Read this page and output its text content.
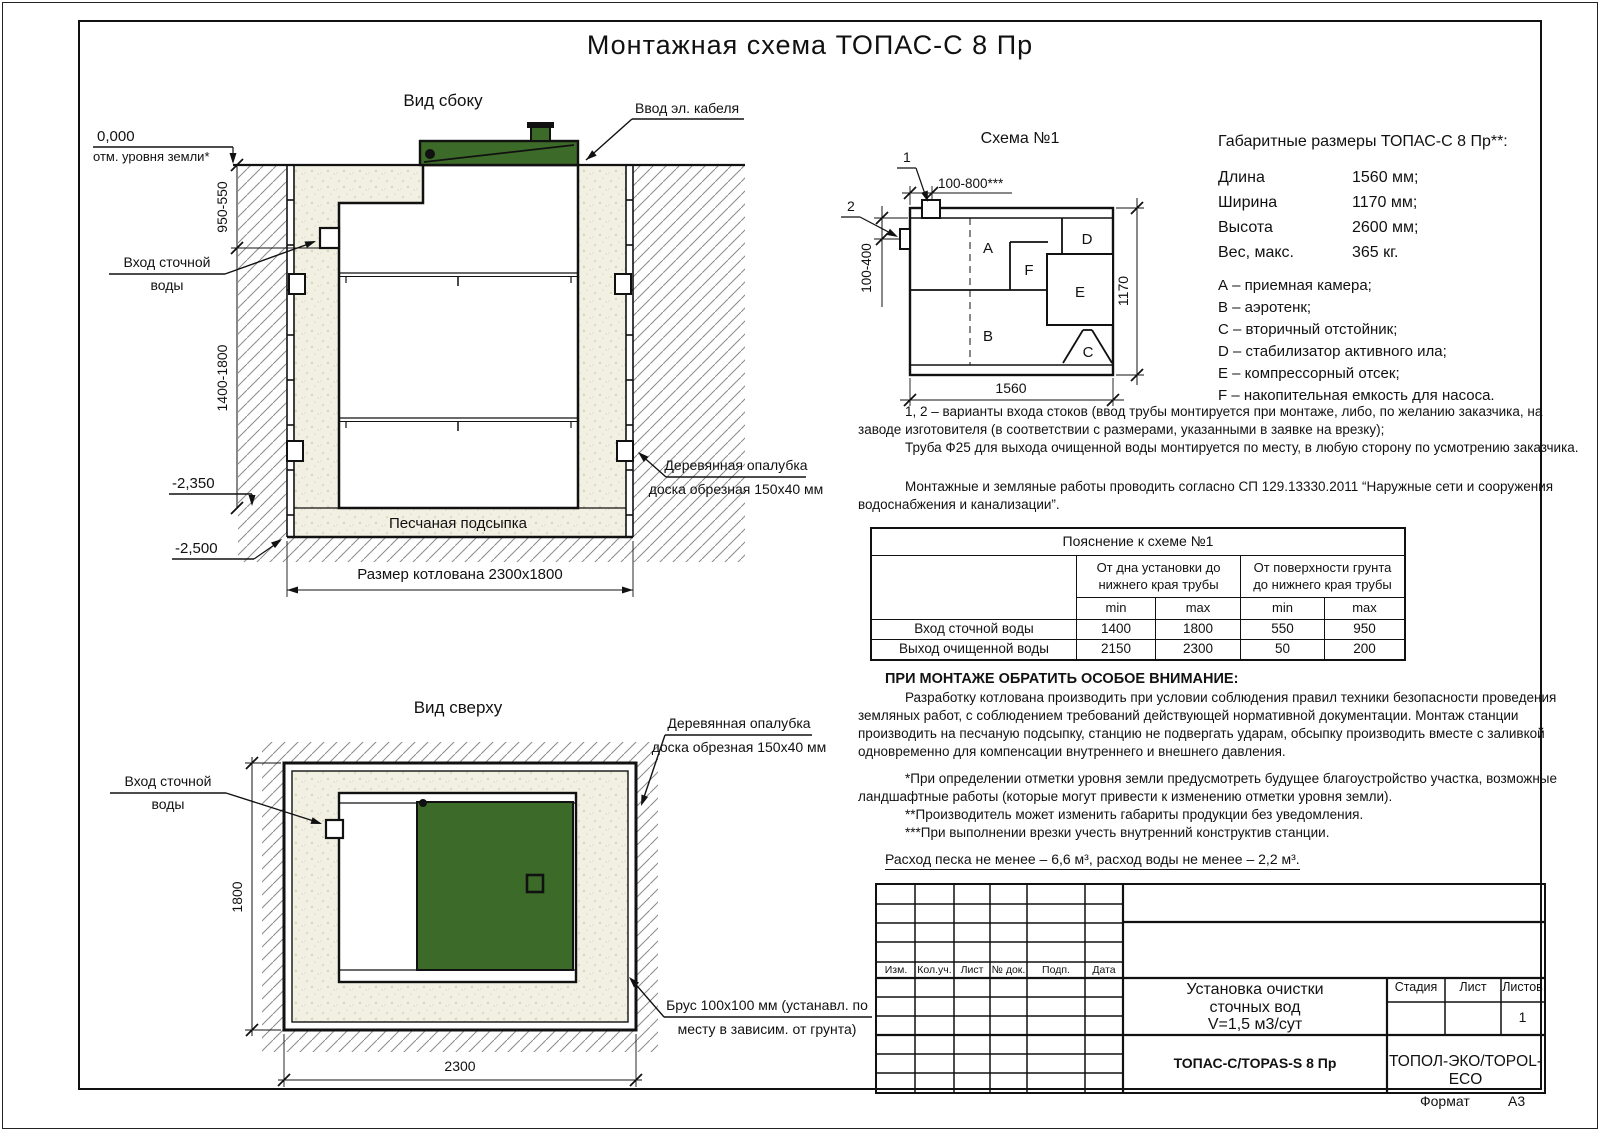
Монтажная схема ТОПАС-С 8 Пр
Вид сбоку	Ввод эл. кабеля
0,000
отм. уровня земли*
950-550
1400-1800
-2,350
-2,500
Песчаная подсыпка
Размер котлована 2300х1800
Деревянная опалубка
доска обрезная 150х40 мм
Вход сточной
воды
Вид сверху
Вход сточной
воды
1800
2300
Деревянная опалубка
доска обрезная 150х40 мм
Брус 100х100 мм (устанавл. по
месту в зависим. от грунта)
Схема №1
A
B
C
D
E
F
1
2
100-800***
100-400
1560
1170
Габаритные размеры ТОПАС-С 8 Пр**:
Длина	1560 мм;
Ширина	1170 мм;
Высота	2600 мм;
Вес, макс.	365 кг.
А – приемная камера;
В – аэротенк;
С – вторичный отстойник;
D – стабилизатор активного ила;
Е – компрессорный отсек;
F – накопительная емкость для насоса.
1, 2 – варианты входа стоков (ввод трубы монтируется при монтаже, либо, по желанию заказчика, на
заводе изготовителя (в соответствии с размерами, указанными в заявке на врезку);
Труба Ф25 для выхода очищенной воды монтируется по месту, в любую сторону по усмотрению заказчика.
Монтажные и земляные работы проводить согласно СП 129.13330.2011 “Наружные сети и сооружения
водоснабжения и канализации”.
Пояснение к схеме №1				

От дна установки до
нижнего края трубы

От поверхности грунта
до нижнего края трубы

	min	max	min	max
Вход сточной воды	1400	1800	550	950
Выход очищенной воды	2150	2300	50	200
ПРИ МОНТАЖЕ ОБРАТИТЬ ОСОБОЕ ВНИМАНИЕ:
Разработку котлована производить при условии соблюдения правил техники безопасности проведения
земляных работ, с соблюдением требований действующей нормативной документации. Монтаж станции
производить на песчаную подсыпку, станцию не подвергать ударам, обсыпку производить вместе с заливкой
одновременно для компенсации внутреннего и внешнего давления.
*При определении отметки уровня земли предусмотреть будущее благоустройство участка, возможные
ландшафтные работы (которые могут привести к изменению отметки уровня земли).
**Производитель может изменить габариты продукции без уведомления.
***При выполнении врезки учесть внутренний конструктив станции.
Расход песка не менее – 6,6 м³, расход воды не менее – 2,2 м³.
Изм. Кол.уч. Лист № док.	Подп.	Дата
Установка очистки
сточных вод
V=1,5 м3/сут
Стадия	Лист	Листов
1
ТОПАС-С/TOPAS-S 8 Пр	ТОПОЛ-ЭКО/TOPOL-ECO
Формат	А3
